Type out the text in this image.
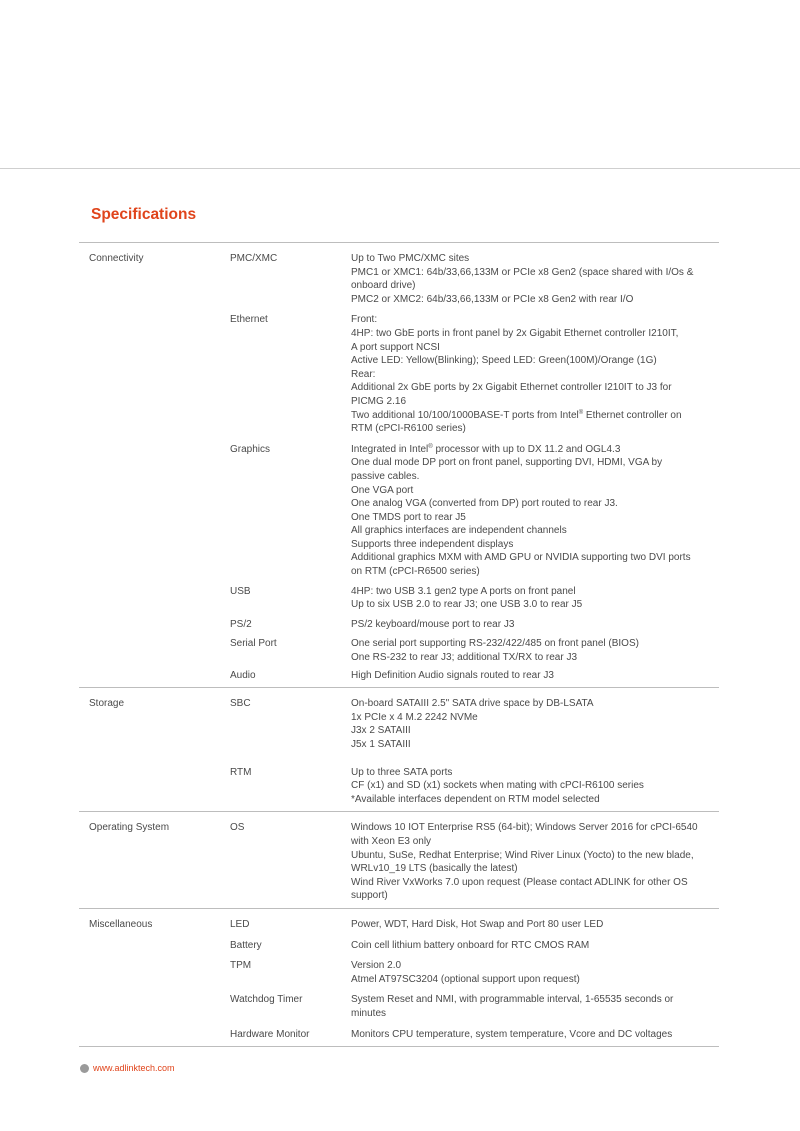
Specifications
Connectivity	PMC/XMC	Up to Two PMC/XMC sites
PMC1 or XMC1: 64b/33,66,133M or PCIe x8 Gen2 (space shared with I/Os &
onboard drive)
PMC2 or XMC2: 64b/33,66,133M or PCIe x8 Gen2 with rear I/O
Ethernet	Front:
4HP: two GbE ports in front panel by 2x Gigabit Ethernet controller I210IT,
A port support NCSI
Active LED: Yellow(Blinking); Speed LED: Green(100M)/Orange (1G)
Rear:
Additional 2x GbE ports by 2x Gigabit Ethernet controller I210IT to J3 for
PICMG 2.16
Two additional 10/100/1000BASE-T ports from Intel® Ethernet controller on
RTM (cPCI-R6100 series)
Graphics	Integrated in Intel® processor with up to DX 11.2 and OGL4.3
One dual mode DP port on front panel, supporting DVI, HDMI, VGA by
passive cables.
One VGA port
One analog VGA (converted from DP) port routed to rear J3.
One TMDS port to rear J5
All graphics interfaces are independent channels
Supports three independent displays
Additional graphics MXM with AMD GPU or NVIDIA supporting two DVI ports
on RTM (cPCI-R6500 series)
USB	4HP: two USB 3.1 gen2 type A ports on front panel
Up to six USB 2.0 to rear J3; one USB 3.0 to rear J5
PS/2	PS/2 keyboard/mouse port to rear J3
Serial Port	One serial port supporting RS-232/422/485 on front panel (BIOS)
One RS-232 to rear J3; additional TX/RX to rear J3
Audio	High Definition Audio signals routed to rear J3
Storage	SBC	On-board SATAIII 2.5" SATA drive space by DB-LSATA
1x PCIe x 4 M.2 2242 NVMe
J3x 2 SATAIII
J5x 1 SATAIII
RTM	Up to three SATA ports
CF (x1) and SD (x1) sockets when mating with cPCI-R6100 series
*Available interfaces dependent on RTM model selected
Operating System	OS	Windows 10 IOT Enterprise RS5 (64-bit); Windows Server 2016 for cPCI-6540
with Xeon E3 only
Ubuntu, SuSe, Redhat Enterprise; Wind River Linux (Yocto) to the new blade,
WRLv10_19 LTS (basically the latest)
Wind River VxWorks 7.0 upon request (Please contact ADLINK for other OS
support)
Miscellaneous	LED	Power, WDT, Hard Disk, Hot Swap and Port 80 user LED
Battery	Coin cell lithium battery onboard for RTC CMOS RAM
TPM	Version 2.0
Atmel AT97SC3204 (optional support upon request)
Watchdog Timer	System Reset and NMI, with programmable interval, 1-65535 seconds or
minutes
Hardware Monitor	Monitors CPU temperature, system temperature, Vcore and DC voltages
www.adlinktech.com
